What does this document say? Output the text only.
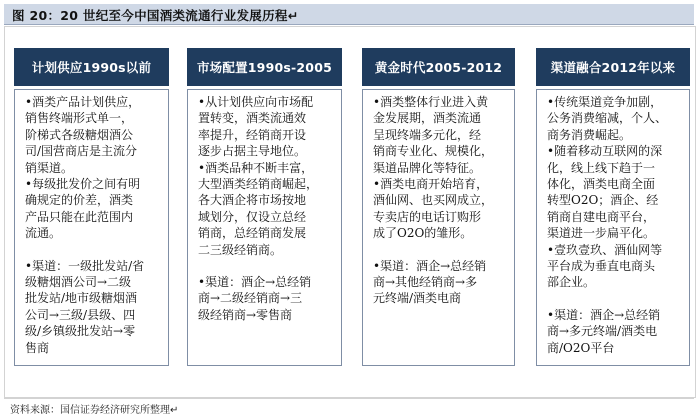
图 20：20 世纪至今中国酒类流通行业发展历程↵
计划供应1990s以前

•酒类产品计划供应，

销售终端形式单一，

阶梯式各级糖烟酒公

司/国营商店是主流分

销渠道。

•每级批发价之间有明

确规定的价差，酒类

产品只能在此范围内

流通。

•渠道：一级批发站/省

级糖烟酒公司→二级

批发站/地市级糖烟酒

公司→三级/县级、四

级/乡镇级批发站→零

售商

市场配置1990s-2005

•从计划供应向市场配

置转变，酒类流通效

率提升，经销商开设

逐步占据主导地位。

•酒类品种不断丰富，

大型酒类经销商崛起，

各大酒企将市场按地

域划分，仅设立总经

销商，总经销商发展

二三级经销商。

•渠道：酒企→总经销

商→二级经销商→三

级经销商→零售商

黄金时代2005-2012

•酒类整体行业进入黄

金发展期，酒类流通

呈现终端多元化，经

销商专业化、规模化，

渠道品牌化等特征。

•酒类电商开始培育，

酒仙网、也买网成立，

专卖店的电话订购形

成了O2O的雏形。

•渠道：酒企→总经销

商→其他经销商→多

元终端/酒类电商

渠道融合2012年以来

•传统渠道竞争加剧，

公务消费缩减，个人、

商务消费崛起。

•随着移动互联网的深

化，线上线下趋于一

体化，酒类电商全面

转型O2O；酒企、经

销商自建电商平台，

渠道进一步扁平化。

•壹玖壹玖、酒仙网等

平台成为垂直电商头

部企业。

•渠道：酒企→总经销

商→多元终端/酒类电

商/O2O平台

资料来源：国信证券经济研究所整理↵
